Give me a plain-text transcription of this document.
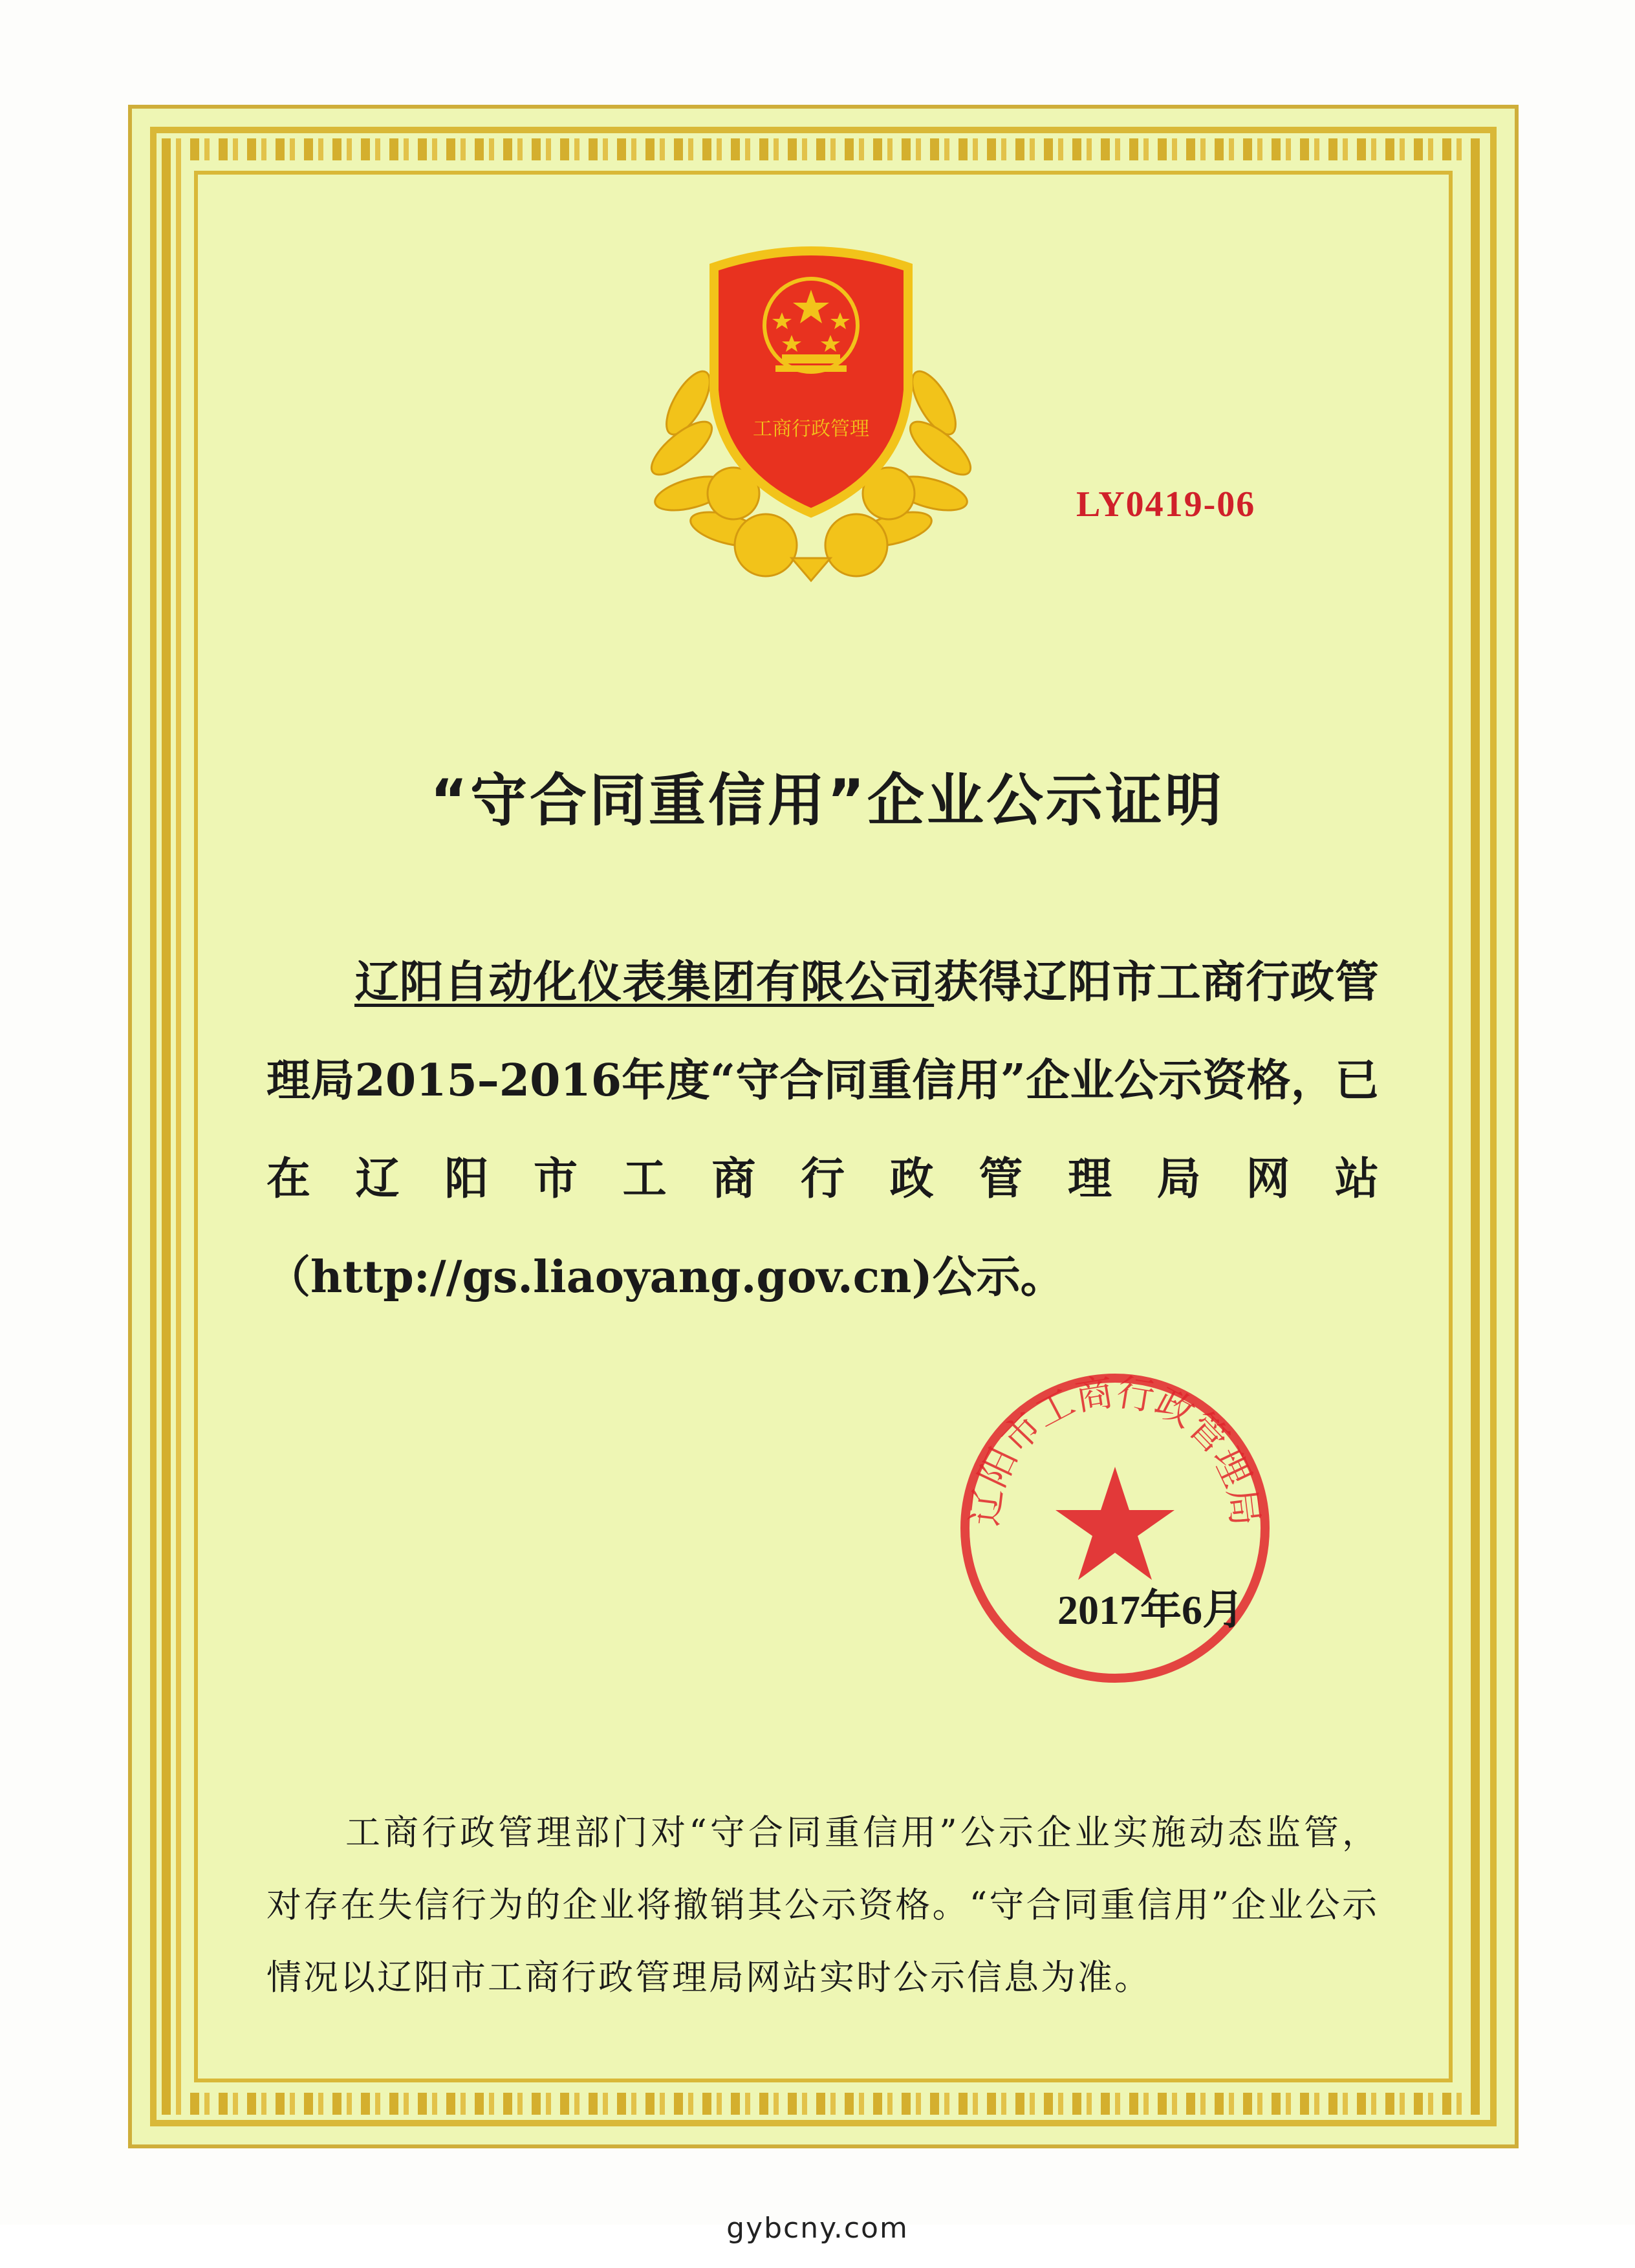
工商行政管理
LY0419-06
“守合同重信用”企业公示证明
辽阳自动化仪表集团有限公司获得辽阳市工商行政管理局2015–2016年度“守合同重信用”企业公示资格，已在辽阳市工商行政管理局网站（http://gs.liaoyang.gov.cn)公示。
辽阳市工商行政管理局
2017年6月
工商行政管理部门对“守合同重信用”公示企业实施动态监管，对存在失信行为的企业将撤销其公示资格。“守合同重信用”企业公示情况以辽阳市工商行政管理局网站实时公示信息为准。
gybcny.com
